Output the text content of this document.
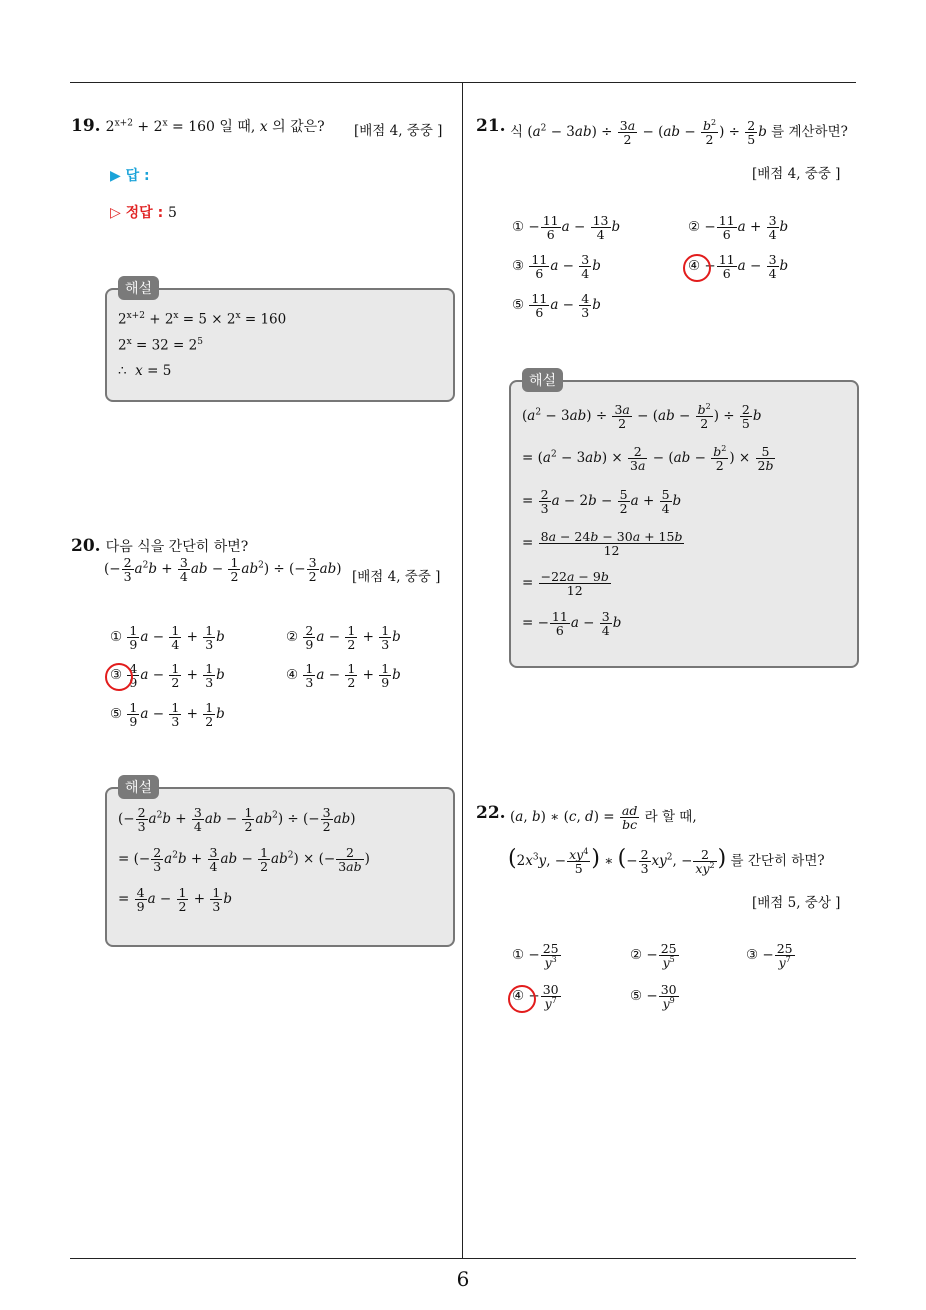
19. $2^{x+2} + 2^x = 160$ 일 때, x 의 값은?	[배점 4, 중중 ]
▶ 답 :
▷ 정답 : 5
해설
$2^{x+2} + 2^x = 5 \times 2^x = 160$
$2^x = 32 = 2^5$
∴  x = 5
20. 다음 식을 간단히 하면?
(− $\frac{2}{3} a^2b + \frac{3}{4}$ ab − $\frac{1}{2} ab^2$) ÷ (− $\frac{3}{2} ab$) [배점 4, 중중 ]
① $\frac{1}{9}$ $a - \frac{1}{4} + \frac{1}{3}$ b	② $\frac{2}{9}$ $a - \frac{1}{2} + \frac{1}{3}$ b
③ $\frac{4}{9}$ $a - \frac{1}{2} + \frac{1}{3}$ b	④ $\frac{1}{3}$ $a - \frac{1}{2} + \frac{1}{9}$ b
⑤ $\frac{1}{9}$ $a - \frac{1}{3} + \frac{1}{2}$ b
해설
(− $\frac{2}{3} a^2b + \frac{3}{4}$ ab − $\frac{1}{2} ab^2$) ÷ (− $\frac{3}{2} ab$)
= (− $\frac{2}{3} a^2b + \frac{3}{4}$ ab − $\frac{1}{2} ab^2$) × (− $\frac{2}{3ab}$ )
= $\frac{4}{9}$ $a - \frac{1}{2} + \frac{1}{3}$ b
21. 식 $(a^2 - 3ab) \div \frac{3a}{2} - (ab - \frac{b^2}{2}$ ) ÷ $\frac{2}{5}$ b 를 계산하면?
[배점 4, 중중 ]
① − $\frac{11}{6}$ $a - \frac{13}{4}$ b	② − $\frac{11}{6}$ $a + \frac{3}{4}$ b
③ $\frac{11}{6}$ $a - \frac{3}{4}$ b	④ − $\frac{11}{6}$ $a - \frac{3}{4}$ b
⑤ $\frac{11}{6}$ $a - \frac{4}{3}$ b
해설
$(a^2 - 3ab) \div \frac{3a}{2} - (ab - \frac{b^2}{2}$ ) ÷ $\frac{2}{5}$ b
= $(a^2 - 3ab) \times \frac{2}{3a} - (ab - \frac{b^2}{2}$ ) × $\frac{5}{2b}$
= $\frac{2}{3}$ $a - 2b - \frac{5}{2}$ $a + \frac{5}{4}$ b
= $\frac{8a - 24b - 30a + 15b}{12}$
= $\frac{-22a - 9b}{12}$
= − $\frac{11}{6}$ $a - \frac{3}{4}$ b
22. (a, b) ∗ (c, $d) = \frac{ad}{bc}$ 라 할 때,
($2x^3y$, − $\frac{xy^4}{5}$ ) ∗ (− $\frac{2}{3} xy^2$, − $\frac{2}{xy^2}$ ) 를 간단히 하면?
[배점 5, 중상 ]
① − $\frac{25}{y^3}$	② − $\frac{25}{y^5}$	③ − $\frac{25}{y^7}$
④ − $\frac{30}{y^7}$	⑤ − $\frac{30}{y^9}$
6
